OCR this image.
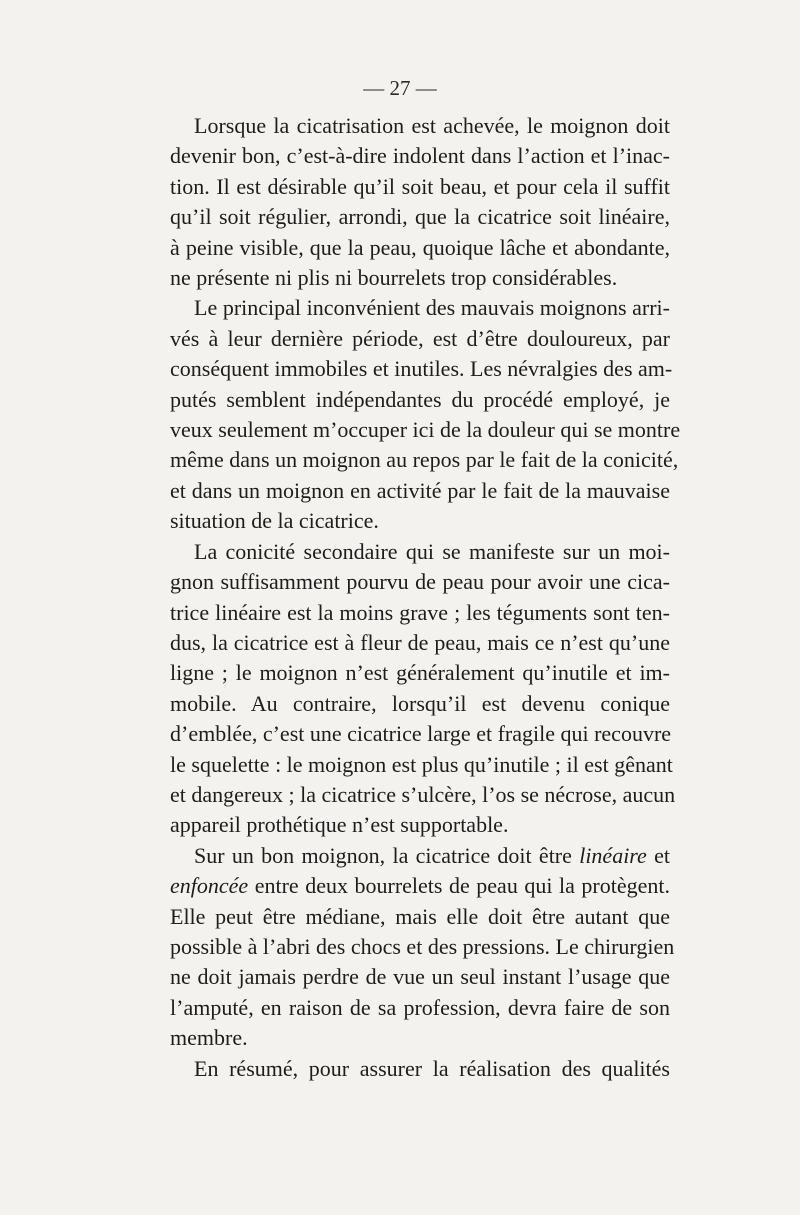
— 27 —

Lorsque la cicatrisation est achevée, le moignon doit
devenir bon, c’est-à-dire indolent dans l’action et l’inac-
tion. Il est désirable qu’il soit beau, et pour cela il suffit
qu’il soit régulier, arrondi, que la cicatrice soit linéaire,
à peine visible, que la peau, quoique lâche et abondante,
ne présente ni plis ni bourrelets trop considérables.
Le principal inconvénient des mauvais moignons arri-
vés à leur dernière période, est d’être douloureux, par
conséquent immobiles et inutiles. Les névralgies des am-
putés semblent indépendantes du procédé employé, je
veux seulement m’occuper ici de la douleur qui se montre
même dans un moignon au repos par le fait de la conicité,
et dans un moignon en activité par le fait de la mauvaise
situation de la cicatrice.
La conicité secondaire qui se manifeste sur un moi-
gnon suffisamment pourvu de peau pour avoir une cica-
trice linéaire est la moins grave ; les téguments sont ten-
dus, la cicatrice est à fleur de peau, mais ce n’est qu’une
ligne ; le moignon n’est généralement qu’inutile et im-
mobile. Au contraire, lorsqu’il est devenu conique
d’emblée, c’est une cicatrice large et fragile qui recouvre
le squelette : le moignon est plus qu’inutile ; il est gênant
et dangereux ; la cicatrice s’ulcère, l’os se nécrose, aucun
appareil prothétique n’est supportable.
Sur un bon moignon, la cicatrice doit être linéaire et
enfoncée entre deux bourrelets de peau qui la protègent.
Elle peut être médiane, mais elle doit être autant que
possible à l’abri des chocs et des pressions. Le chirurgien
ne doit jamais perdre de vue un seul instant l’usage que
l’amputé, en raison de sa profession, devra faire de son
membre.
En résumé, pour assurer la réalisation des qualités
